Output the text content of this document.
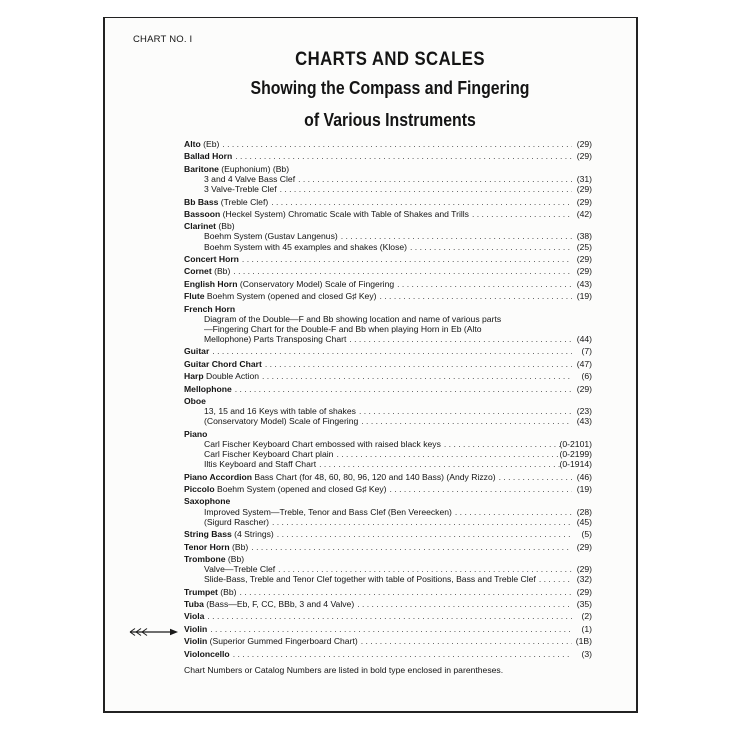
CHART NO. I
CHARTS AND SCALES
Showing the Compass and Fingering
of Various Instruments
Alto (Eb) . . .	(29)
Ballad Horn . . .	(29)
Baritone (Euphonium) (Bb)
3 and 4 Valve Bass Clef . . .	(31)
3 Valve-Treble Clef . . .	(29)
Bb Bass (Treble Clef) . . .	(29)
Bassoon (Heckel System) Chromatic Scale with Table of Shakes and Trills . . .	(42)
Clarinet (Bb)
Boehm System (Gustav Langenus) . . .	(38)
Boehm System with 45 examples and shakes (Klose) . . .	(25)
Concert Horn . . .	(29)
Cornet (Bb) . . .	(29)
English Horn (Conservatory Model) Scale of Fingering . . .	(43)
Flute Boehm System (opened and closed G♯ Key) . . .	(19)
French Horn
Diagram of the Double—F and Bb showing location and name of various parts
—Fingering Chart for the Double-F and Bb when playing Horn in Eb (Alto
Mellophone) Parts Transposing Chart . . .	(44)
Guitar . . .	(7)
Guitar Chord Chart . . .	(47)
Harp Double Action . . .	(6)
Mellophone . . .	(29)
Oboe
13, 15 and 16 Keys with table of shakes . . .	(23)
(Conservatory Model) Scale of Fingering . . .	(43)
Piano
Carl Fischer Keyboard Chart embossed with raised black keys . . .	(0-2101)
Carl Fischer Keyboard Chart plain . . .	(0-2199)
Iltis Keyboard and Staff Chart . . .	(0-1914)
Piano Accordion Bass Chart (for 48, 60, 80, 96, 120 and 140 Bass) (Andy Rizzo) . . .	(46)
Piccolo Boehm System (opened and closed G♯ Key) . . .	(19)
Saxophone
Improved System—Treble, Tenor and Bass Clef (Ben Vereecken) . . .	(28)
(Sigurd Rascher) . . .	(45)
String Bass (4 Strings) . . .	(5)
Tenor Horn (Bb) . . .	(29)
Trombone (Bb)
Valve—Treble Clef . . .	(29)
Slide-Bass, Treble and Tenor Clef together with table of Positions, Bass and Treble Clef . . .	(32)
Trumpet (Bb) . . .	(29)
Tuba (Bass—Eb, F, CC, BBb, 3 and 4 Valve) . . .	(35)
Viola . . .	(2)
Violin . . .	(1)
Violin (Superior Gummed Fingerboard Chart) . . .	(1B)
Violoncello . . .	(3)
Chart Numbers or Catalog Numbers are listed in bold type enclosed in parentheses.
